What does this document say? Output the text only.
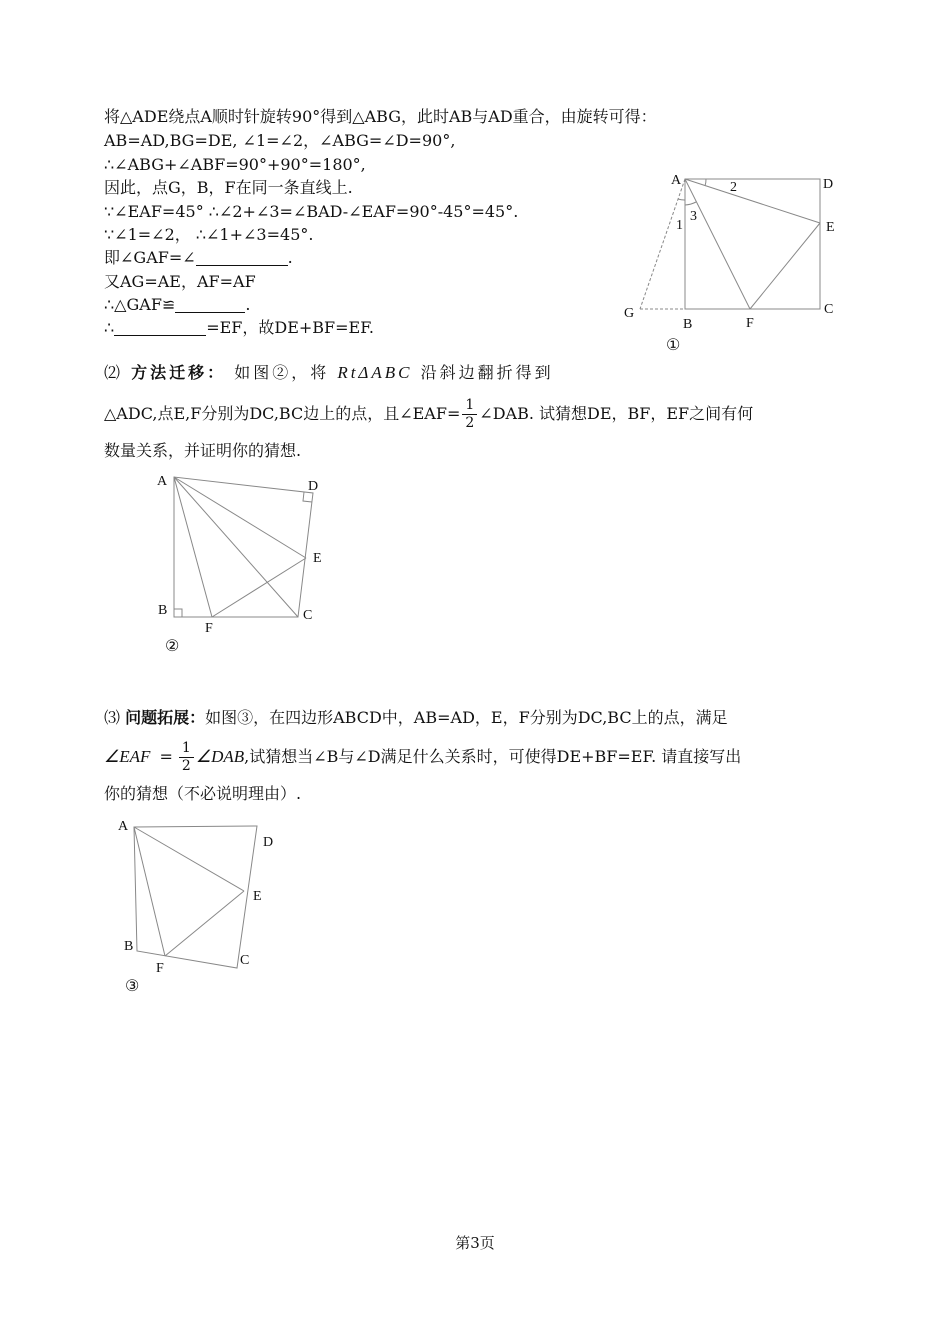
将△ADE绕点A顺时针旋转90°得到△ABG，此时AB与AD重合，由旋转可得：
AB=AD,BG=DE, ∠1=∠2，∠ABG=∠D=90°,
∴∠ABG+∠ABF=90°+90°=180°,
因此，点G，B，F在同一条直线上.
∵∠EAF=45° ∴∠2+∠3=∠BAD-∠EAF=90°-45°=45°.
∵∠1=∠2， ∴∠1+∠3=45°.
即∠GAF=∠	.
又AG=AE，AF=AF
∴△GAF≌	.
∴	=EF，故DE+BF=EF.
A	D
E
G
B	F
C
2
1
3
①
⑵ 方法迁移： 如图②，将 RtΔABC 沿斜边翻折得到
△ADC,点E,F分别为DC,BC边上的点，且∠EAF= $\frac{1}{2}$ ∠DAB. 试猜想DE，BF，EF之间有何
数量关系，并证明你的猜想.
A	D
E
B
F
C
②
⑶ 问题拓展：如图③，在四边形ABCD中，AB=AD，E，F分别为DC,BC上的点，满足
∠EAF = $\frac{1}{2}$ ∠DAB,试猜想当∠B与∠D满足什么关系时，可使得DE+BF=EF. 请直接写出
你的猜想（不必说明理由）.
A
D
E
B
F
C
③
第3页
